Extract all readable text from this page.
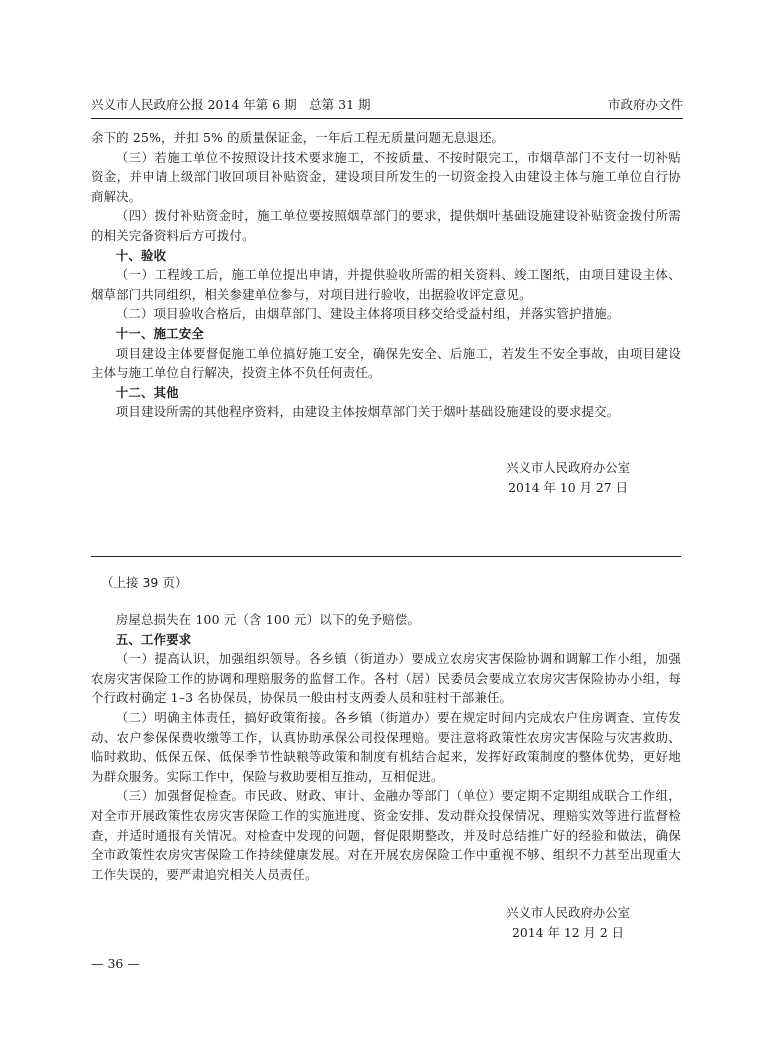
兴义市人民政府公报 2014 年第 6 期　总第 31 期	市政府办文件

余下的 25%，并扣 5% 的质量保证金，一年后工程无质量问题无息退还。

（三）若施工单位不按照设计技术要求施工，不按质量、不按时限完工，市烟草部门不支付一切补贴资金，并申请上级部门收回项目补贴资金，建设项目所发生的一切资金投入由建设主体与施工单位自行协商解决。

（四）拨付补贴资金时，施工单位要按照烟草部门的要求，提供烟叶基础设施建设补贴资金拨付所需的相关完备资料后方可拨付。

十、验收

（一）工程竣工后，施工单位提出申请，并提供验收所需的相关资料、竣工图纸，由项目建设主体、烟草部门共同组织，相关参建单位参与，对项目进行验收，出据验收评定意见。

（二）项目验收合格后，由烟草部门、建设主体将项目移交给受益村组，并落实管护措施。

十一、施工安全

项目建设主体要督促施工单位搞好施工安全，确保先安全、后施工，若发生不安全事故，由项目建设主体与施工单位自行解决，投资主体不负任何责任。

十二、其他

项目建设所需的其他程序资料，由建设主体按烟草部门关于烟叶基础设施建设的要求提交。

兴义市人民政府办公室
2014 年 10 月 27 日
（上接 39 页）

房屋总损失在 100 元（含 100 元）以下的免予赔偿。

五、工作要求

（一）提高认识，加强组织领导。各乡镇（街道办）要成立农房灾害保险协调和调解工作小组，加强农房灾害保险工作的协调和理赔服务的监督工作。各村（居）民委员会要成立农房灾害保险协办小组，每个行政村确定 1–3 名协保员，协保员一般由村支两委人员和驻村干部兼任。

（二）明确主体责任，搞好政策衔接。各乡镇（街道办）要在规定时间内完成农户住房调查、宣传发动、农户参保保费收缴等工作，认真协助承保公司投保理赔。要注意将政策性农房灾害保险与灾害救助、临时救助、低保五保、低保季节性缺粮等政策和制度有机结合起来，发挥好政策制度的整体优势，更好地为群众服务。实际工作中，保险与救助要相互推动，互相促进。

（三）加强督促检查。市民政、财政、审计、金融办等部门（单位）要定期不定期组成联合工作组，对全市开展政策性农房灾害保险工作的实施进度、资金安排、发动群众投保情况、理赔实效等进行监督检查，并适时通报有关情况。对检查中发现的问题，督促限期整改，并及时总结推广好的经验和做法，确保全市政策性农房灾害保险工作持续健康发展。对在开展农房保险工作中重视不够、组织不力甚至出现重大工作失误的，要严肃追究相关人员责任。

兴义市人民政府办公室
2014 年 12 月 2 日
— 36 —
